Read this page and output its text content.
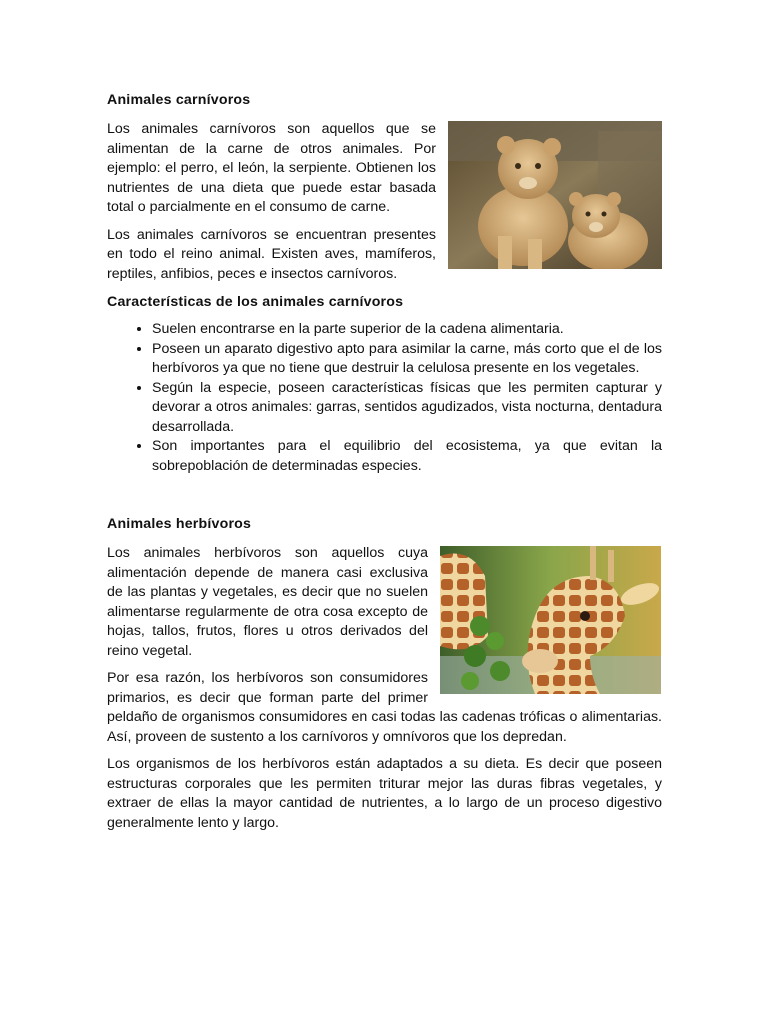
Animales carnívoros

Los animales carnívoros son aquellos que se alimentan de la carne de otros animales. Por ejemplo: el perro, el león, la serpiente. Obtienen los nutrientes de una dieta que puede estar basada total o parcialmente en el consumo de carne.

Los animales carnívoros se encuentran presentes en todo el reino animal. Existen aves, mamíferos, reptiles, anfibios, peces e insectos carnívoros.

Características de los animales carnívoros
• Suelen encontrarse en la parte superior de la cadena alimentaria.
• Poseen un aparato digestivo apto para asimilar la carne, más corto que el de los herbívoros ya que no tiene que destruir la celulosa presente en los vegetales.
• Según la especie, poseen características físicas que les permiten capturar y devorar a otros animales: garras, sentidos agudizados, vista nocturna, dentadura desarrollada.
• Son importantes para el equilibrio del ecosistema, ya que evitan la sobrepoblación de determinadas especies.
Animales herbívoros

Los animales herbívoros son aquellos cuya alimentación depende de manera casi exclusiva de las plantas y vegetales, es decir que no suelen alimentarse regularmente de otra cosa excepto de hojas, tallos, frutos, flores u otros derivados del reino vegetal.

Por esa razón, los herbívoros son consumidores primarios, es decir que forman parte del primer peldaño de organismos consumidores en casi todas las cadenas tróficas o alimentarias. Así, proveen de sustento a los carnívoros y omnívoros que los depredan.

Los organismos de los herbívoros están adaptados a su dieta. Es decir que poseen estructuras corporales que les permiten triturar mejor las duras fibras vegetales, y extraer de ellas la mayor cantidad de nutrientes, a lo largo de un proceso digestivo generalmente lento y largo.
